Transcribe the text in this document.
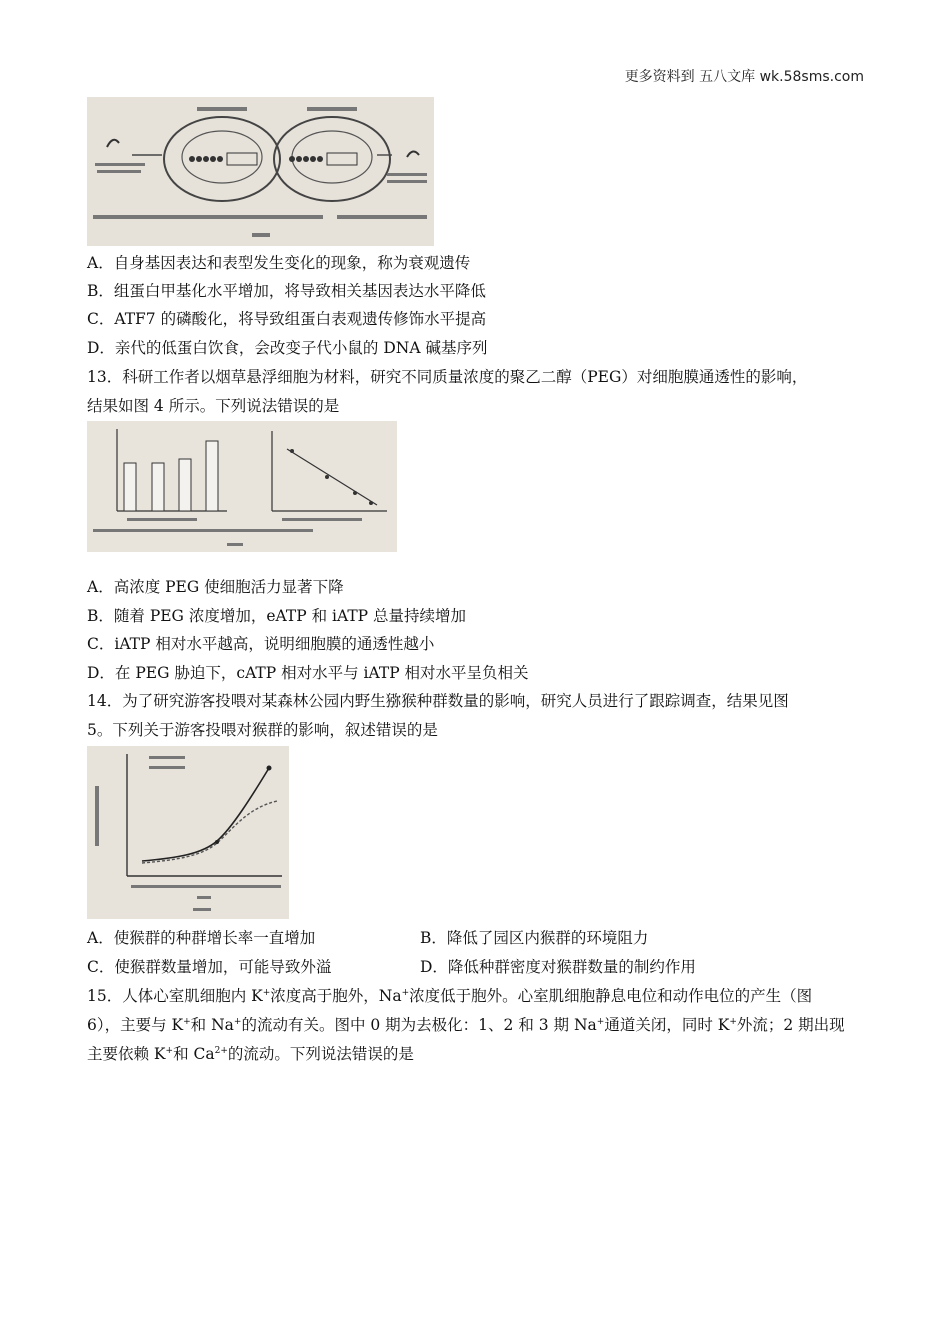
更多资料到 五八文库 wk.58sms.com
A．自身基因表达和表型发生变化的现象，称为衰观遗传
B．组蛋白甲基化水平增加，将导致相关基因表达水平降低
C．ATF7 的磷酸化，将导致组蛋白表观遗传修饰水平提高
D．亲代的低蛋白饮食，会改变子代小鼠的 DNA 碱基序列
13．科研工作者以烟草悬浮细胞为材料，研究不同质量浓度的聚乙二醇（PEG）对细胞膜通透性的影响，
结果如图 4 所示。下列说法错误的是
A．高浓度 PEG 使细胞活力显著下降
B．随着 PEG 浓度增加，eATP 和 iATP 总量持续增加
C．iATP 相对水平越高，说明细胞膜的通透性越小
D．在 PEG 胁迫下，cATP 相对水平与 iATP 相对水平呈负相关
14．为了研究游客投喂对某森林公园内野生猕猴种群数量的影响，研究人员进行了跟踪调查，结果见图
5。下列关于游客投喂对猴群的影响，叙述错误的是
A．使猴群的种群增长率一直增加	B．降低了园区内猴群的环境阻力
C．使猴群数量增加，可能导致外溢	D．降低种群密度对猴群数量的制约作用
15．人体心室肌细胞内 K+浓度高于胞外，Na+浓度低于胞外。心室肌细胞静息电位和动作电位的产生（图
6），主要与 K+和 Na+的流动有关。图中 0 期为去极化：1、2 和 3 期 Na+通道关闭，同时 K+外流；2 期出现
主要依赖 K+和 $Ca^{2+}$的流动。下列说法错误的是
